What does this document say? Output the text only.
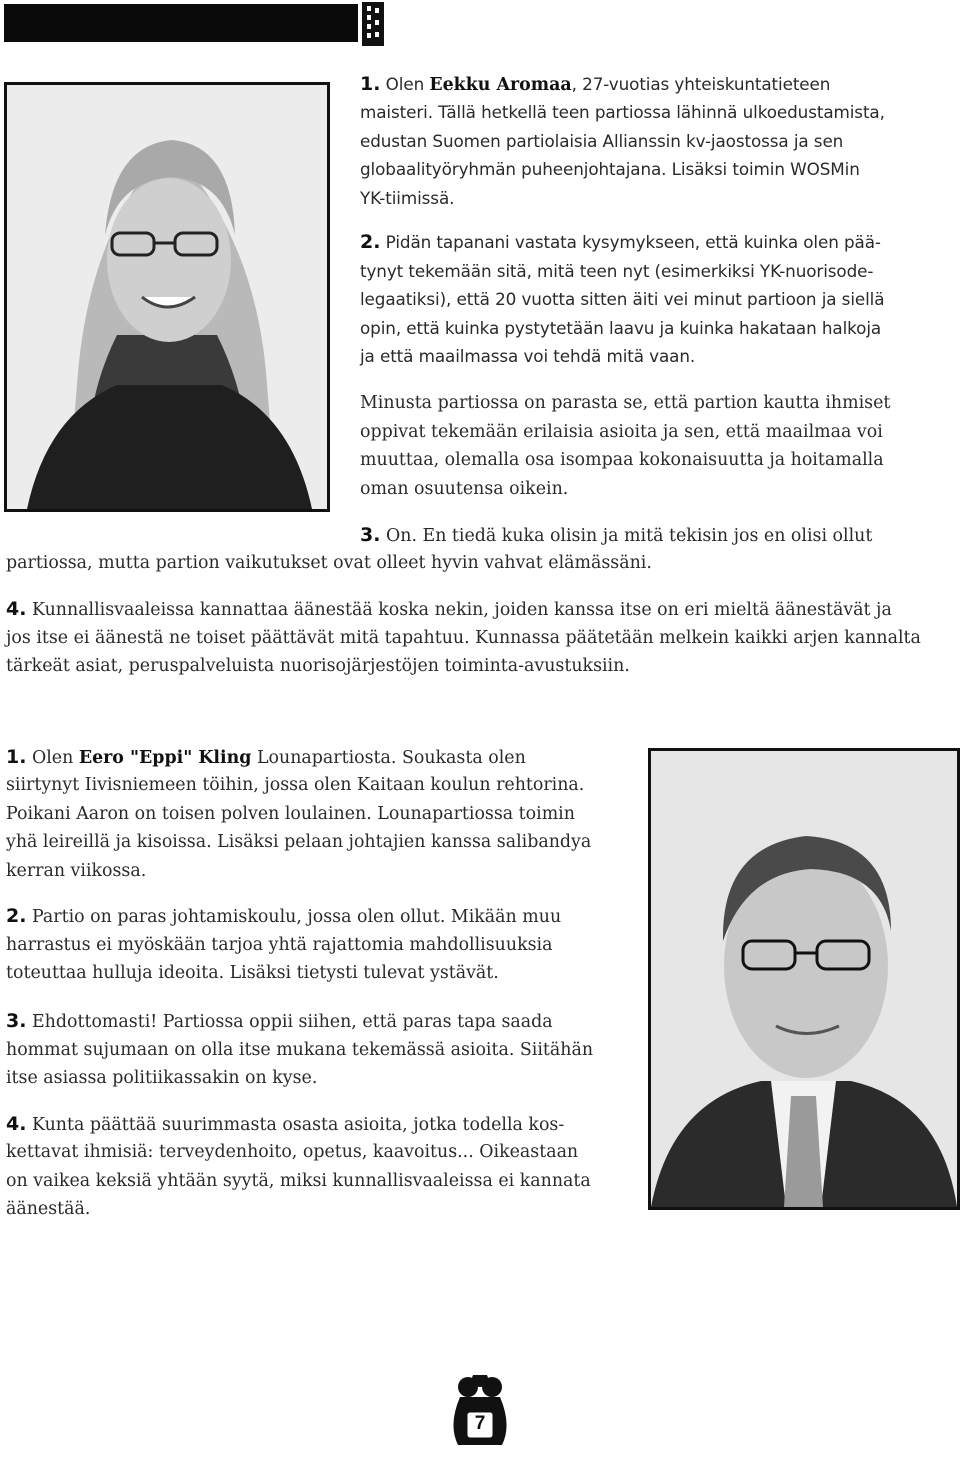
1. Olen Eekku Aromaa, 27-vuotias yhteiskuntatieteen

maisteri. Tällä hetkellä teen partiossa lähinnä ulkoedustamista,

edustan Suomen partiolaisia Allianssin kv-jaostossa ja sen

globaalityöryhmän puheenjohtajana. Lisäksi toimin WOSMin

YK-tiimissä.

2. Pidän tapanani vastata kysymykseen, että kuinka olen pää-

tynyt tekemään sitä, mitä teen nyt (esimerkiksi YK-nuorisode-

legaatiksi), että 20 vuotta sitten äiti vei minut partioon ja siellä

opin, että kuinka pystytetään laavu ja kuinka hakataan halkoja

ja että maailmassa voi tehdä mitä vaan.

Minusta partiossa on parasta se, että partion kautta ihmiset

oppivat tekemään erilaisia asioita ja sen, että maailmaa voi

muuttaa, olemalla osa isompaa kokonaisuutta ja hoitamalla

oman osuutensa oikein.

3. On. En tiedä kuka olisin ja mitä tekisin jos en olisi ollut

partiossa, mutta partion vaikutukset ovat olleet hyvin vahvat elämässäni.

4. Kunnallisvaaleissa kannattaa äänestää koska nekin, joiden kanssa itse on eri mieltä äänestävät ja

jos itse ei äänestä ne toiset päättävät mitä tapahtuu. Kunnassa päätetään melkein kaikki arjen kannalta

tärkeät asiat, peruspalveluista nuorisojärjestöjen toiminta-avustuksiin.

1. Olen Eero "Eppi" Kling Lounapartiosta. Soukasta olen

siirtynyt Iivisniemeen töihin, jossa olen Kaitaan koulun rehtorina.

Poikani Aaron on toisen polven loulainen. Lounapartiossa toimin

yhä leireillä ja kisoissa. Lisäksi pelaan johtajien kanssa salibandya

kerran viikossa.

2. Partio on paras johtamiskoulu, jossa olen ollut. Mikään muu

harrastus ei myöskään tarjoa yhtä rajattomia mahdollisuuksia

toteuttaa hulluja ideoita. Lisäksi tietysti tulevat ystävät.

3. Ehdottomasti! Partiossa oppii siihen, että paras tapa saada

hommat sujumaan on olla itse mukana tekemässä asioita. Siitähän

itse asiassa politiikassakin on kyse.

4. Kunta päättää suurimmasta osasta asioita, jotka todella kos-

kettavat ihmisiä: terveydenhoito, opetus, kaavoitus... Oikeastaan

on vaikea keksiä yhtään syytä, miksi kunnallisvaaleissa ei kannata

äänestää.

7
